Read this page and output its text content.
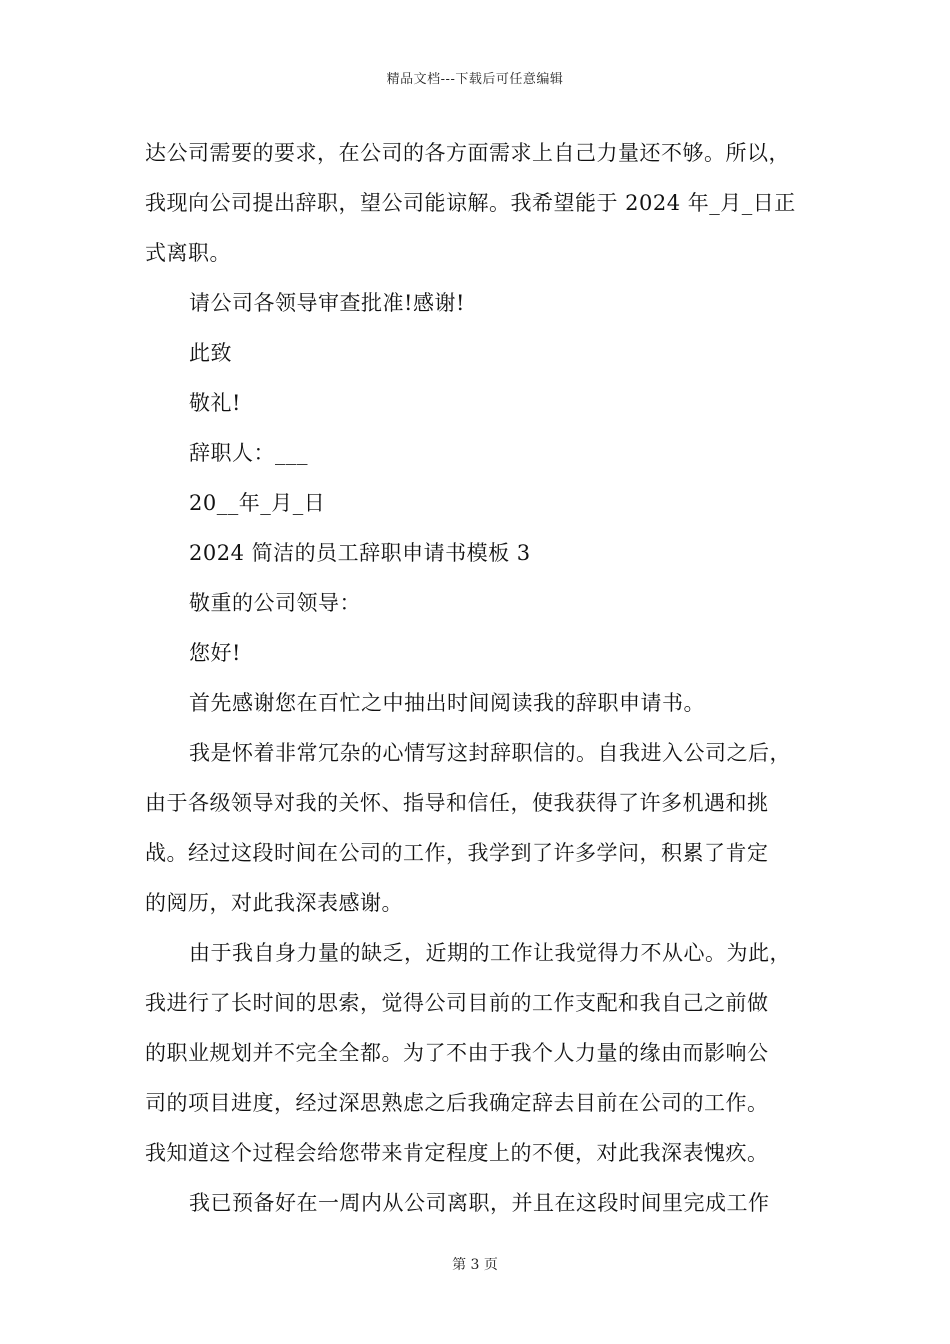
精品文档---下载后可任意编辑
达公司需要的要求，在公司的各方面需求上自己力量还不够。所以，
我现向公司提出辞职，望公司能谅解。我希望能于 2024 年_月_日正
式离职。
请公司各领导审查批准!感谢!
此致
敬礼!
辞职人：___
20__年_月_日
2024 简洁的员工辞职申请书模板 3
敬重的公司领导：
您好!
首先感谢您在百忙之中抽出时间阅读我的辞职申请书。
我是怀着非常冗杂的心情写这封辞职信的。自我进入公司之后，
由于各级领导对我的关怀、指导和信任，使我获得了许多机遇和挑
战。经过这段时间在公司的工作，我学到了许多学问，积累了肯定
的阅历，对此我深表感谢。
由于我自身力量的缺乏，近期的工作让我觉得力不从心。为此，
我进行了长时间的思索，觉得公司目前的工作支配和我自己之前做
的职业规划并不完全全都。为了不由于我个人力量的缘由而影响公
司的项目进度，经过深思熟虑之后我确定辞去目前在公司的工作。
我知道这个过程会给您带来肯定程度上的不便，对此我深表愧疚。
我已预备好在一周内从公司离职，并且在这段时间里完成工作
第 3 页
